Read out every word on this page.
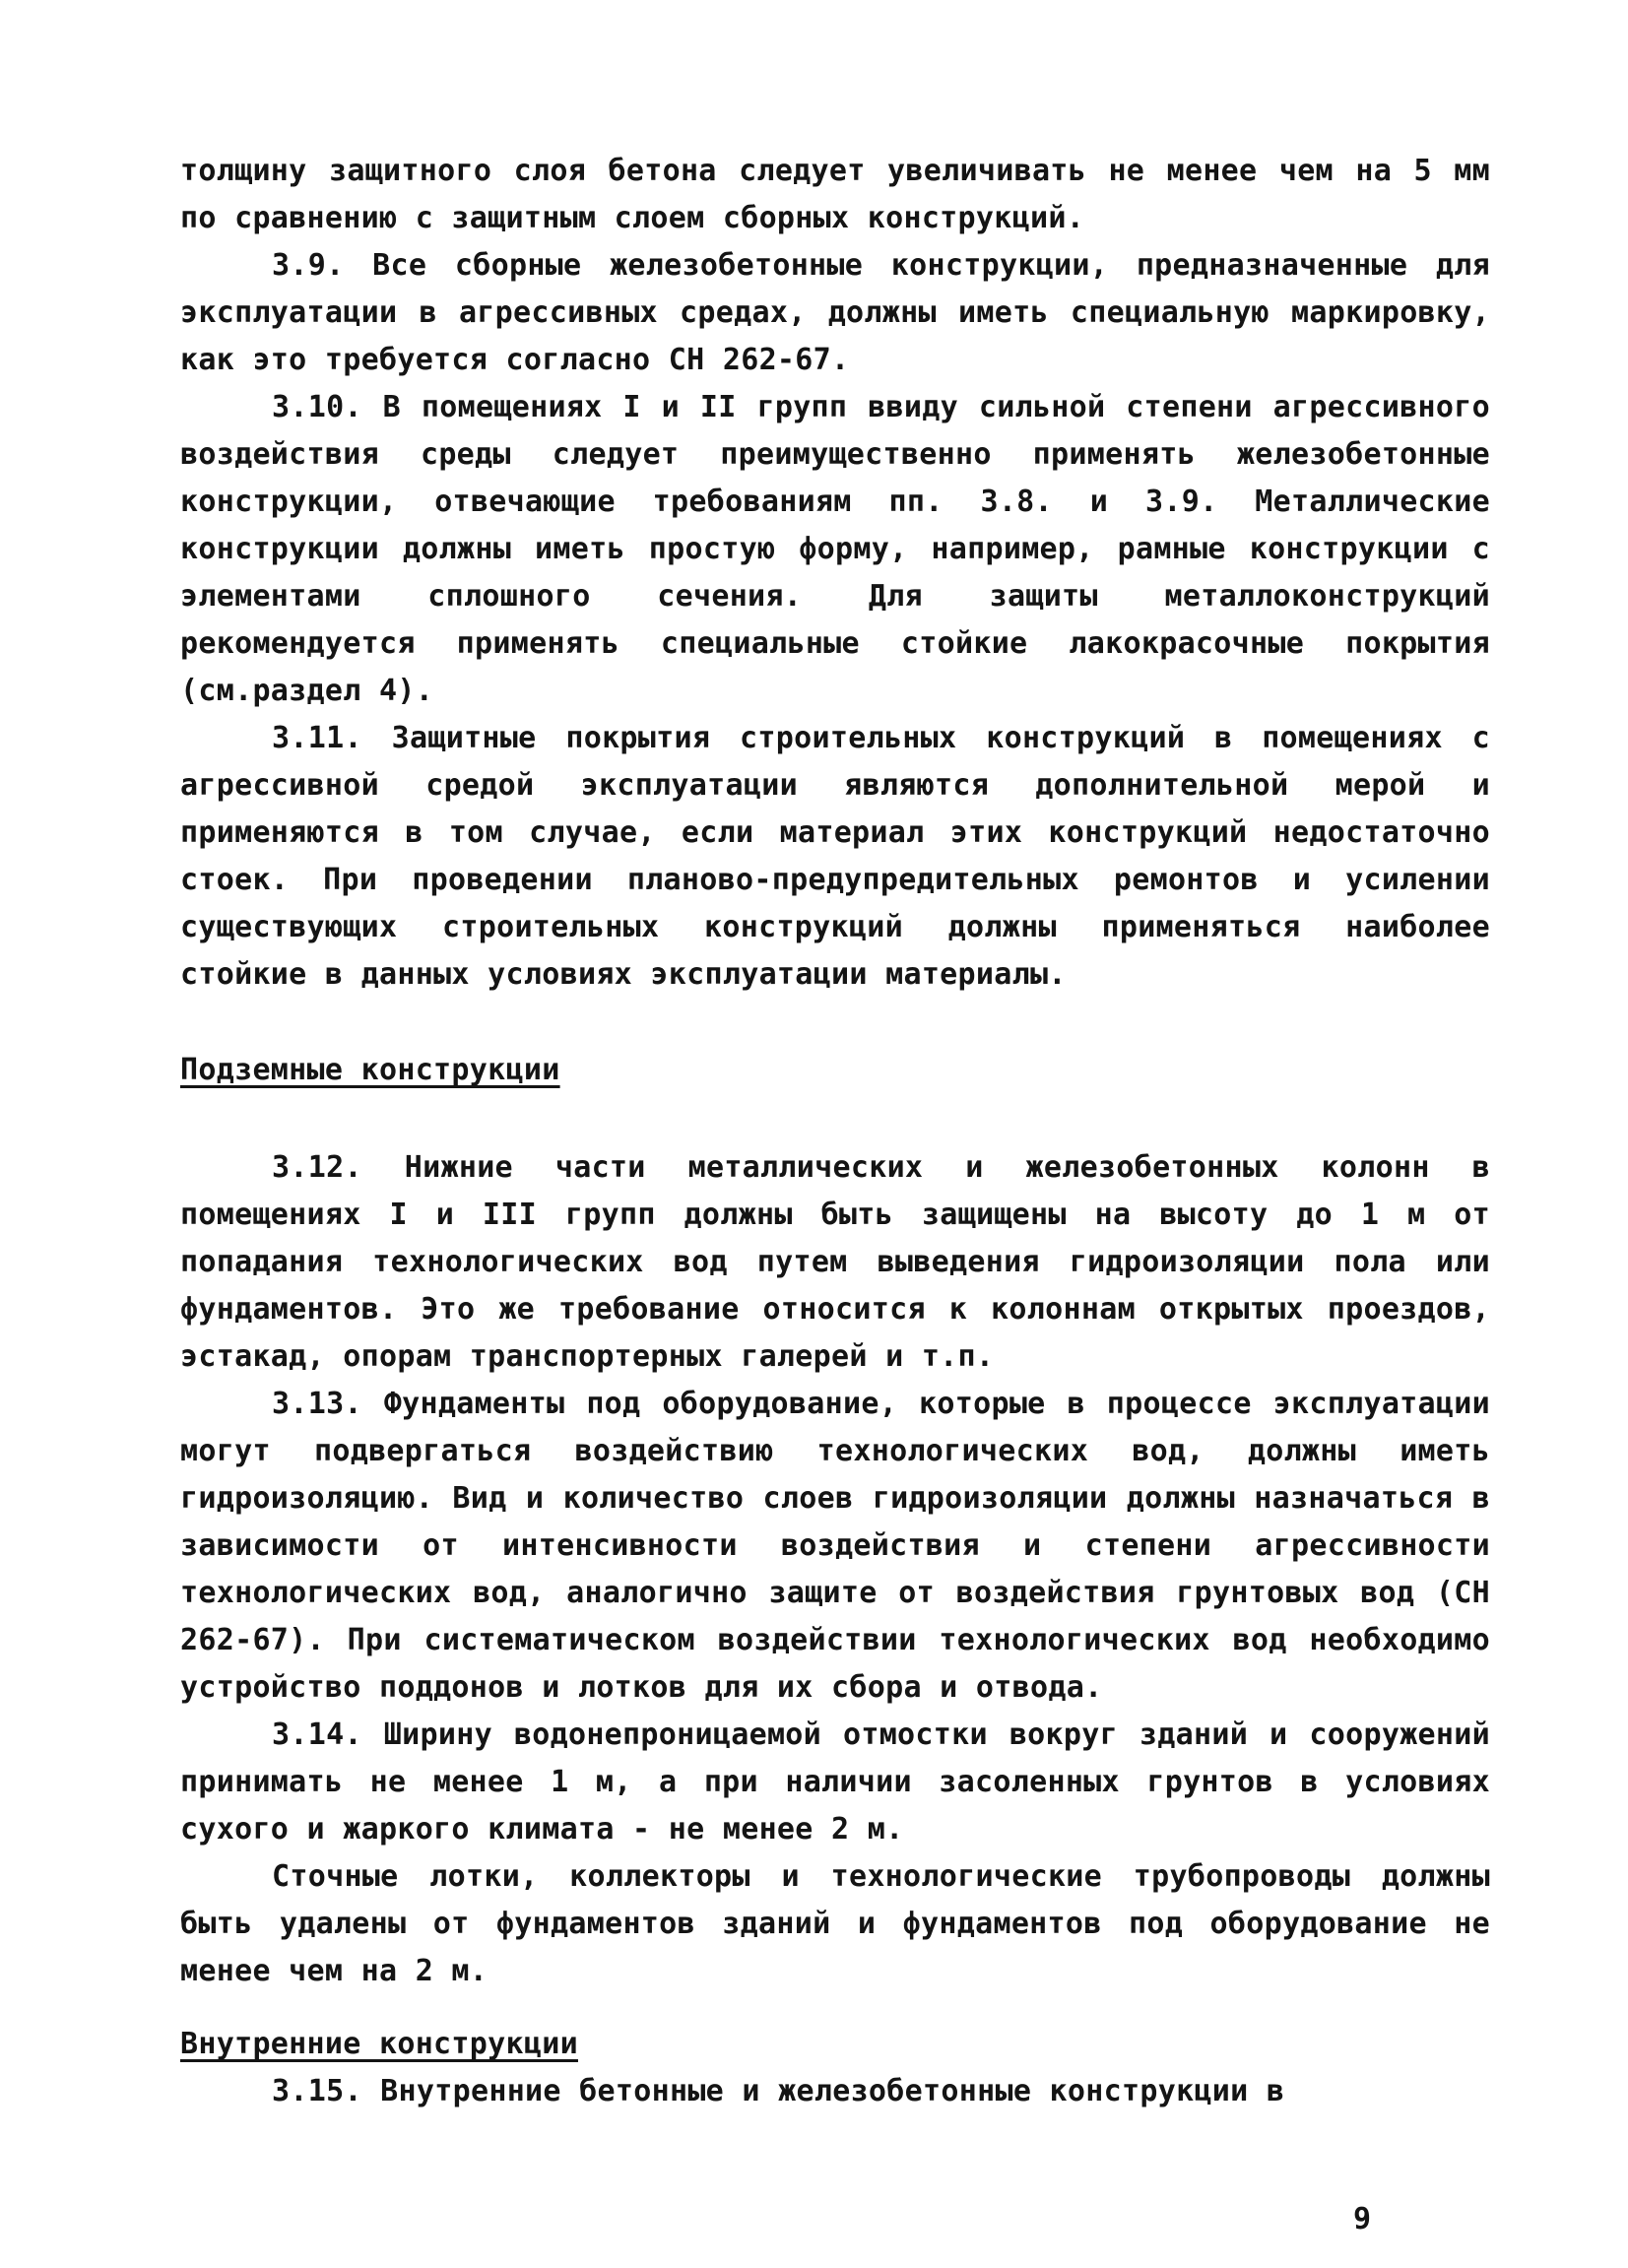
толщину защитного слоя бетона следует увеличивать не менее чем на 5 мм по сравнению с защитным слоем сборных конструкций.

3.9. Все сборные железобетонные конструкции, предназначенные для эксплуатации в агрессивных средах, должны иметь специальную маркировку, как это требуется согласно СН 262-67.

3.10. В помещениях I и II групп ввиду сильной степени агрессивного воздействия среды следует преимущественно применять железобетонные конструкции, отвечающие требованиям пп. 3.8. и 3.9. Металлические конструкции должны иметь простую форму, например, рамные конструкции с элементами сплошного сечения. Для защиты металлоконструкций рекомендуется применять специальные стойкие лакокрасочные покрытия (см.раздел 4).

3.11. Защитные покрытия строительных конструкций в помещениях с агрессивной средой эксплуатации являются дополнительной мерой и применяются в том случае, если материал этих конструкций недостаточно стоек. При проведении планово-предупредительных ремонтов и усилении существующих строительных конструкций должны применяться наиболее стойкие в данных условиях эксплуатации материалы.

Подземные конструкции

3.12. Нижние части металлических и железобетонных колонн в помещениях I и III групп должны быть защищены на высоту до 1 м от попадания технологических вод путем выведения гидроизоляции пола или фундаментов. Это же требование относится к колоннам открытых проездов, эстакад, опорам транспортерных галерей и т.п.

3.13. Фундаменты под оборудование, которые в процессе эксплуатации могут подвергаться воздействию технологических вод, должны иметь гидроизоляцию. Вид и количество слоев гидроизоляции должны назначаться в зависимости от интенсивности воздействия и степени агрессивности технологических вод, аналогично защите от воздействия грунтовых вод (СН 262-67). При систематическом воздействии технологических вод необходимо устройство поддонов и лотков для их сбора и отвода.

3.14. Ширину водонепроницаемой отмостки вокруг зданий и сооружений принимать не менее 1 м, а при наличии засоленных грунтов в условиях сухого и жаркого климата - не менее 2 м.

Сточные лотки, коллекторы и технологические трубопроводы должны быть удалены от фундаментов зданий и фундаментов под оборудование не менее чем на 2 м.

Внутренние конструкции

3.15. Внутренние бетонные и железобетонные конструкции в

9
